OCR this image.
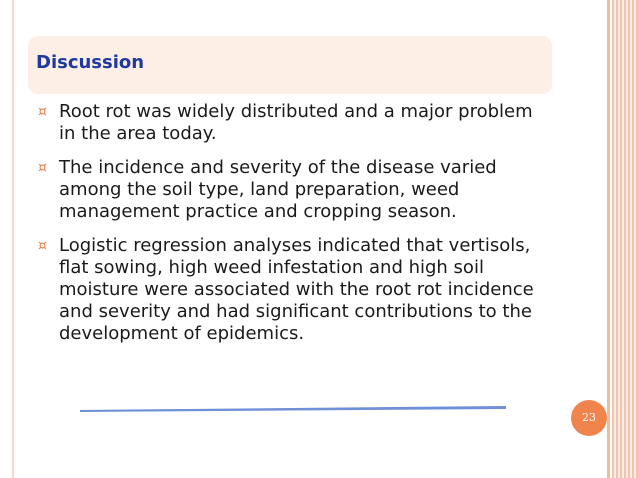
Discussion
¤ Root rot was widely distributed and a major problem in the area today.
¤ The incidence and severity of the disease varied among the soil type, land preparation, weed management practice and cropping season.
¤ Logistic regression analyses indicated that vertisols, flat sowing, high weed infestation and high soil moisture were associated with the root rot incidence and severity and had significant contributions to the development of epidemics.
23
